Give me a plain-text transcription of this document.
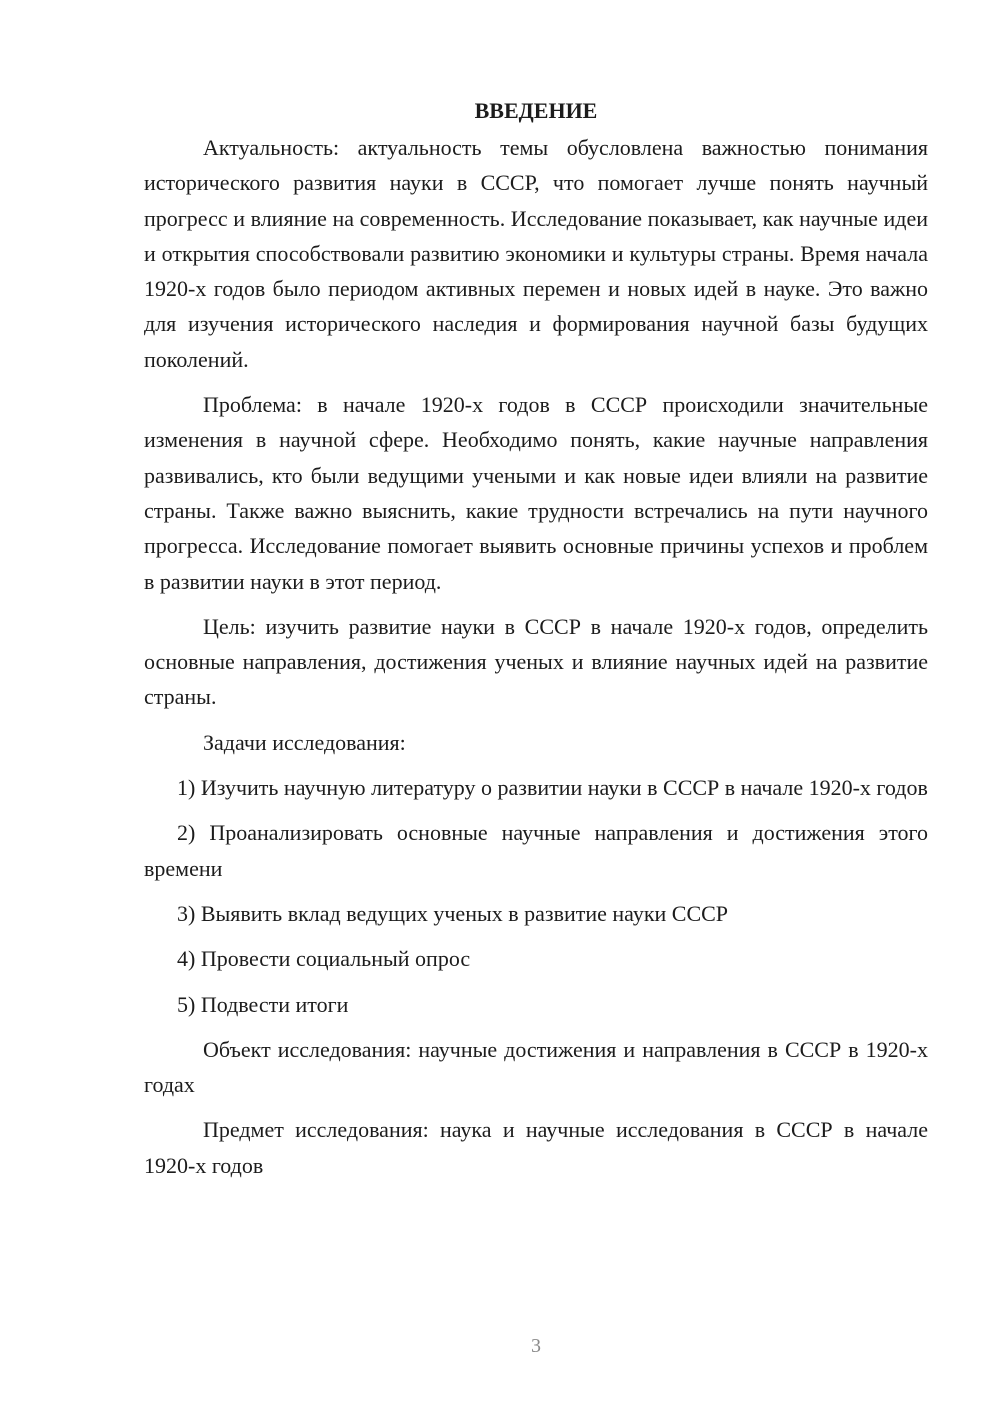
ВВЕДЕНИЕ

Актуальность: актуальность темы обусловлена важностью понимания исторического развития науки в СССР, что помогает лучше понять научный прогресс и влияние на современность. Исследование показывает, как научные идеи и открытия способствовали развитию экономики и культуры страны. Время начала 1920-х годов было периодом активных перемен и новых идей в науке. Это важно для изучения исторического наследия и формирования научной базы будущих поколений.

Проблема: в начале 1920-х годов в СССР происходили значительные изменения в научной сфере. Необходимо понять, какие научные направления развивались, кто были ведущими учеными и как новые идеи влияли на развитие страны. Также важно выяснить, какие трудности встречались на пути научного прогресса. Исследование помогает выявить основные причины успехов и проблем в развитии науки в этот период.

Цель: изучить развитие науки в СССР в начале 1920-х годов, определить основные направления, достижения ученых и влияние научных идей на развитие страны.

Задачи исследования:

1) Изучить научную литературу о развитии науки в СССР в начале 1920-х годов

2) Проанализировать основные научные направления и достижения этого времени

3) Выявить вклад ведущих ученых в развитие науки СССР

4) Провести социальный опрос

5) Подвести итоги

Объект исследования: научные достижения и направления в СССР в 1920-х годах

Предмет исследования: наука и научные исследования в СССР в начале 1920-х годов

3
